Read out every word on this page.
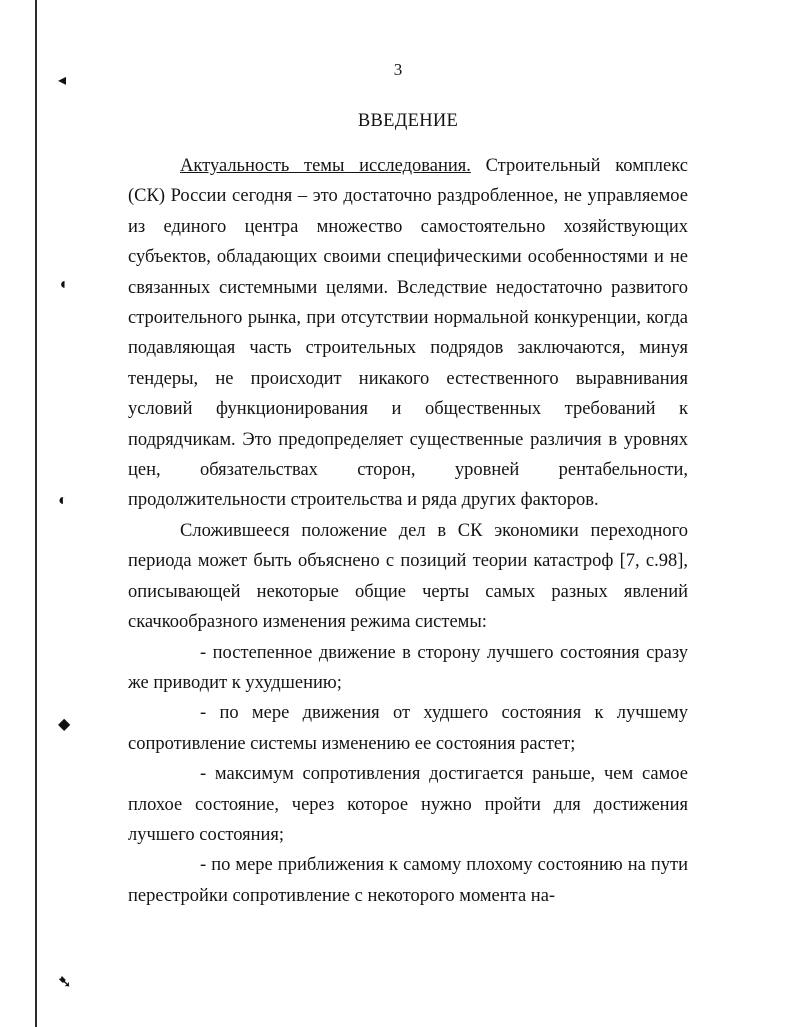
◂
◖
◐
◆
➷
3
ВВЕДЕНИЕ

Актуальность темы исследования. Строительный комплекс (СК) России сегодня – это достаточно раздробленное, не управляемое из единого центра множество самостоятельно хозяйствующих субъектов, обладающих своими специфическими особенностями и не связанных системными целями. Вследствие недостаточно развитого строительного рынка, при отсутствии нормальной конкуренции, когда подавляющая часть строительных подрядов заключаются, минуя тендеры, не происходит никакого естественного выравнивания условий функционирования и общественных требований к подрядчикам. Это предопределяет существенные различия в уровнях цен, обязательствах сторон, уровней рентабельности, продолжительности строительства и ряда других факторов.

Сложившееся положение дел в СК экономики переходного периода может быть объяснено с позиций теории катастроф [7, с.98], описывающей некоторые общие черты самых разных явлений скачкообразного изменения режима системы:

- постепенное движение в сторону лучшего состояния сразу же приводит к ухудшению;

- по мере движения от худшего состояния к лучшему сопротивление системы изменению ее состояния растет;

- максимум сопротивления достигается раньше, чем самое плохое состояние, через которое нужно пройти для достижения лучшего состояния;

- по мере приближения к самому плохому состоянию на пути перестройки сопротивление с некоторого момента на-
